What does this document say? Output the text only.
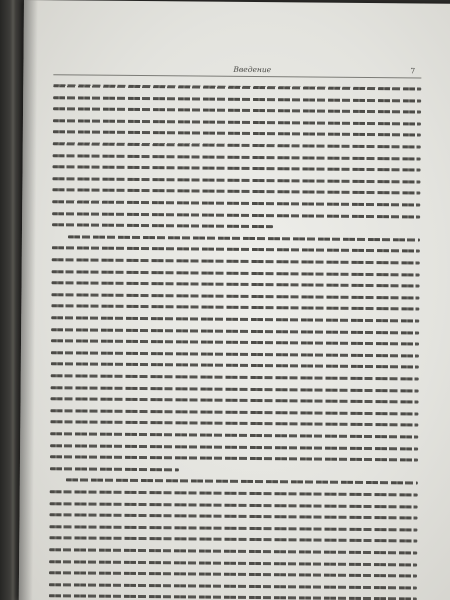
Введение	7
